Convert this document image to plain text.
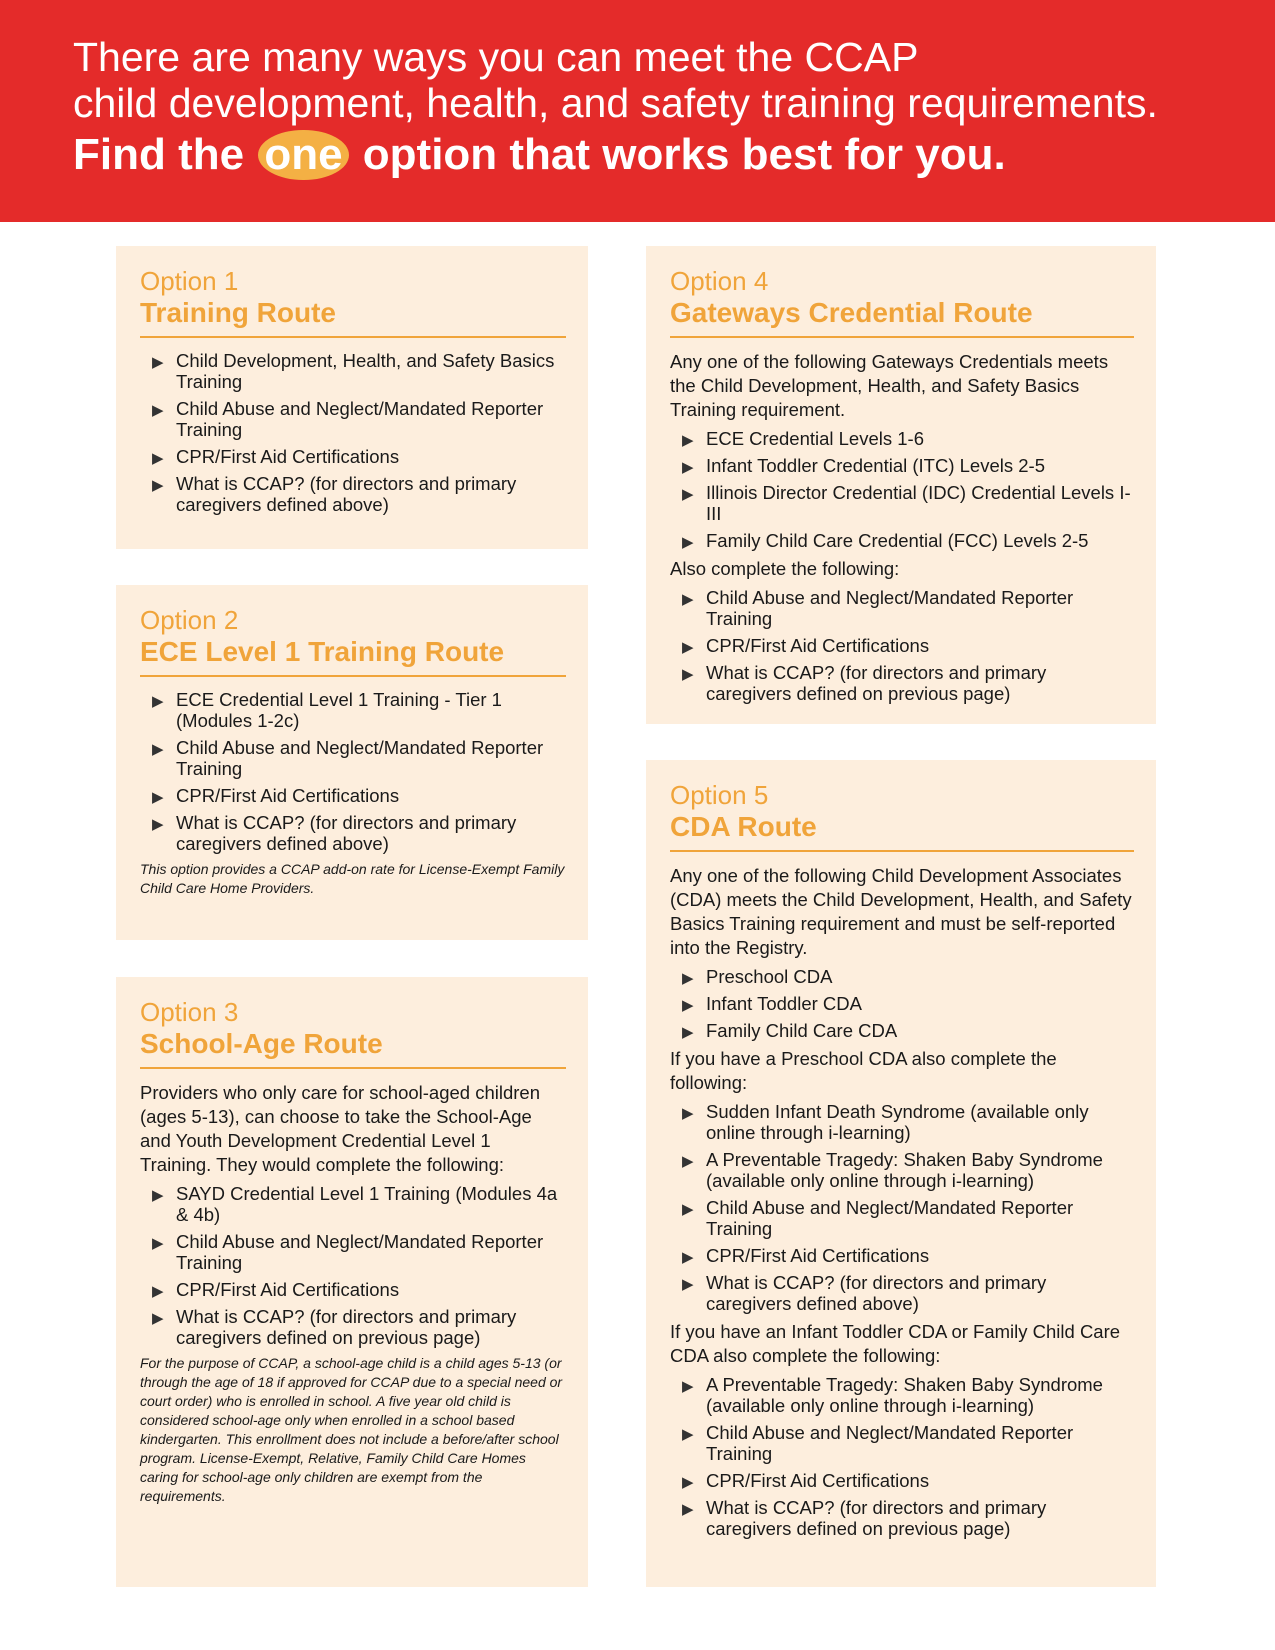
There are many ways you can meet the CCAP
child development, health, and safety training requirements.
Find the one option that works best for you.
Option 1
Training Route
▶ Child Development, Health, and Safety Basics Training
▶ Child Abuse and Neglect/Mandated Reporter Training
▶ CPR/First Aid Certifications
▶ What is CCAP? (for directors and primary caregivers defined above)
Option 2
ECE Level 1 Training Route
▶ ECE Credential Level 1 Training - Tier 1 (Modules 1-2c)
▶ Child Abuse and Neglect/Mandated Reporter Training
▶ CPR/First Aid Certifications
▶ What is CCAP? (for directors and primary caregivers defined above)
This option provides a CCAP add-on rate for License-Exempt Family Child Care Home Providers.
Option 3
School-Age Route
Providers who only care for school-aged children (ages 5-13), can choose to take the School-Age and Youth Development Credential Level 1 Training. They would complete the following:
▶ SAYD Credential Level 1 Training (Modules 4a & 4b)
▶ Child Abuse and Neglect/Mandated Reporter Training
▶ CPR/First Aid Certifications
▶ What is CCAP? (for directors and primary caregivers defined on previous page)
For the purpose of CCAP, a school-age child is a child ages 5-13 (or through the age of 18 if approved for CCAP due to a special need or court order) who is enrolled in school. A five year old child is considered school-age only when enrolled in a school based kindergarten. This enrollment does not include a before/after school program. License-Exempt, Relative, Family Child Care Homes caring for school-age only children are exempt from the requirements.
Option 4
Gateways Credential Route
Any one of the following Gateways Credentials meets the Child Development, Health, and Safety Basics Training requirement.
▶ ECE Credential Levels 1-6
▶ Infant Toddler Credential (ITC) Levels 2-5
▶ Illinois Director Credential (IDC) Credential Levels I-III
▶ Family Child Care Credential (FCC) Levels 2-5
Also complete the following:
▶ Child Abuse and Neglect/Mandated Reporter Training
▶ CPR/First Aid Certifications
▶ What is CCAP? (for directors and primary caregivers defined on previous page)
Option 5
CDA Route
Any one of the following Child Development Associates (CDA) meets the Child Development, Health, and Safety Basics Training requirement and must be self-reported into the Registry.
▶ Preschool CDA
▶ Infant Toddler CDA
▶ Family Child Care CDA
If you have a Preschool CDA also complete the following:
▶ Sudden Infant Death Syndrome (available only online through i-learning)
▶ A Preventable Tragedy: Shaken Baby Syndrome (available only online through i-learning)
▶ Child Abuse and Neglect/Mandated Reporter Training
▶ CPR/First Aid Certifications
▶ What is CCAP? (for directors and primary caregivers defined above)
If you have an Infant Toddler CDA or Family Child Care CDA also complete the following:
▶ A Preventable Tragedy: Shaken Baby Syndrome (available only online through i-learning)
▶ Child Abuse and Neglect/Mandated Reporter Training
▶ CPR/First Aid Certifications
▶ What is CCAP? (for directors and primary caregivers defined on previous page)
